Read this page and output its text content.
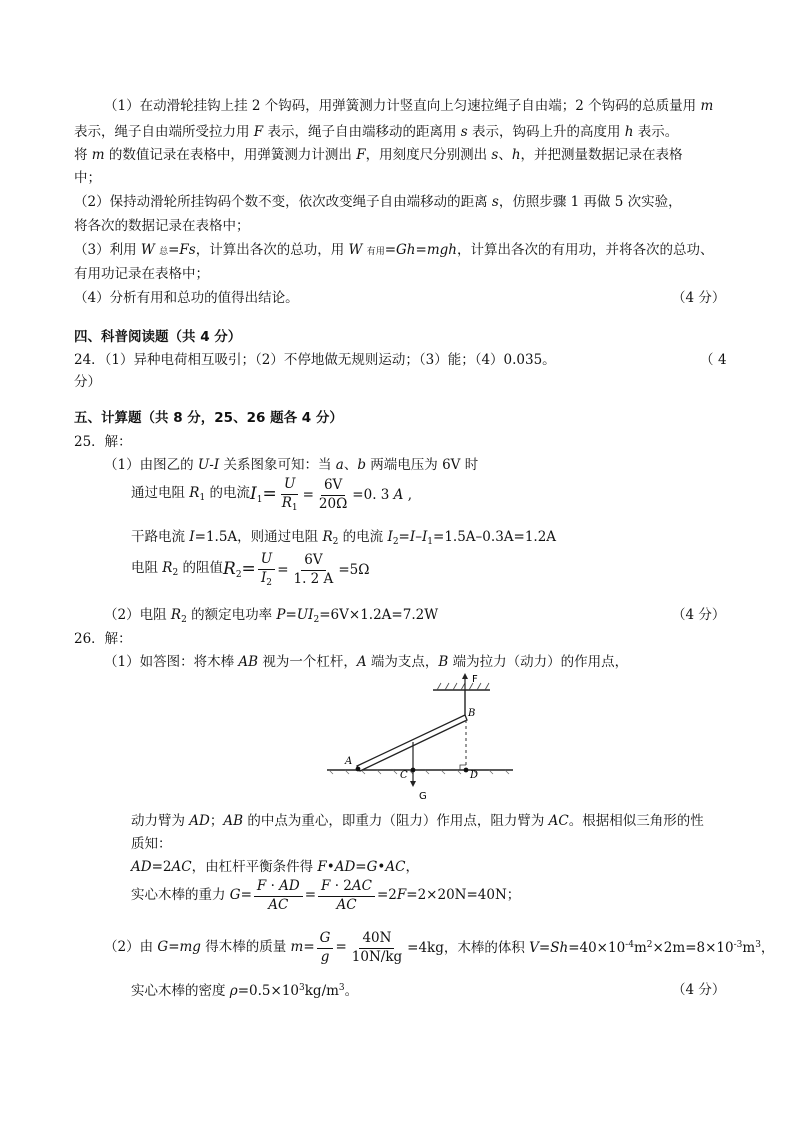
（1）在动滑轮挂钩上挂 2 个钩码，用弹簧测力计竖直向上匀速拉绳子自由端；2 个钩码的总质量用 m
表示，绳子自由端所受拉力用 F 表示，绳子自由端移动的距离用 s 表示，钩码上升的高度用 h 表示。
将 m 的数值记录在表格中，用弹簧测力计测出 F，用刻度尺分别测出 s、h，并把测量数据记录在表格
中；
（2）保持动滑轮所挂钩码个数不变，依次改变绳子自由端移动的距离 s，仿照步骤 1 再做 5 次实验，
将各次的数据记录在表格中；
（3）利用 W 总=Fs，计算出各次的总功，用 W 有用=Gh=mgh，计算出各次的有用功，并将各次的总功、
有用功记录在表格中；
（4）分析有用和总功的值得出结论。	（4 分）
四、科普阅读题（共 4 分）
24．（1）异种电荷相互吸引；（2）不停地做无规则运动；（3）能；（4）0.035。	（ 4
分）
五、计算题（共 8 分，25、26 题各 4 分）
25．解：
（1）由图乙的 U-I 关系图象可知：当 a、b 两端电压为 6V 时
通过电阻 $R_1$ 的电流 $I_1= \frac{U}{R_1} = \frac{6V}{20\Omega} =0$. 3 A ,
干路电流 I=1.5A，则通过电阻 $R_2$ 的电流 $I_2=I-I_1=1.5A-0.3A=1.2A$
电阻 $R_2$ 的阻值 $R_2= \frac{U}{I_2} = \frac{6V}{1. 2 A} =5\Omega$
（2）电阻 $R_2$ 的额定电功率 $P=UI_2=6V\times 1.2A=7.2W$	（4 分）
26．解：
（1）如答图：将木棒 AB 视为一个杠杆，A 端为支点，B 端为拉力（动力）的作用点，
F
A
B
C	D
G
动力臂为 AD；AB 的中点为重心，即重力（阻力）作用点，阻力臂为 AC。根据相似三角形的性
质知：
AD=2AC，由杠杆平衡条件得 F•AD=G•AC，
实心木棒的重力 $G= \frac{F \cdot AD}{AC} = \frac{F \cdot 2AC}{AC} =2F=2\times 20N=40N$；
（2）由 G=mg 得木棒的质量 $m= \frac{G}{g} = \frac{40N}{10N/kg} =4kg$，木棒的体积 $V=Sh=40\times 10^{-4}m^2\times 2m=8\times 10^{-3}m^3$，
实心木棒的密度 $\rho=0.5\times 10^3kg/m^3$。	（4 分）
